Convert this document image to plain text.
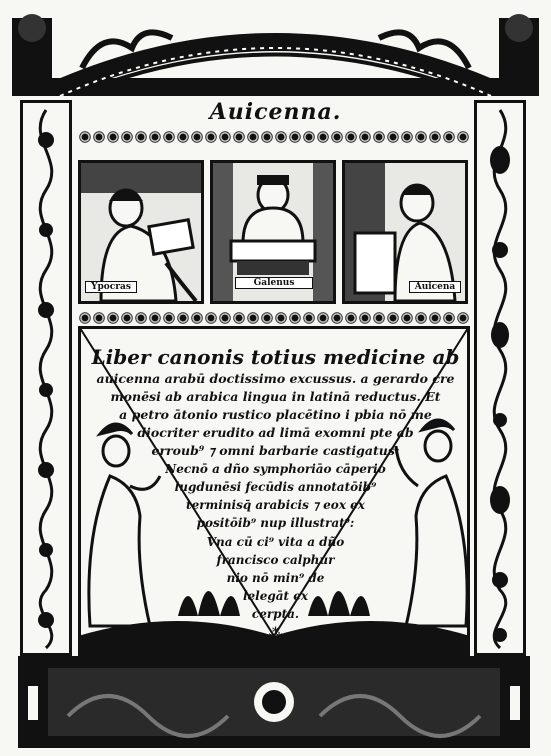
Auicenna.
Ypocras	Galenus	Auicena
Liber canonis totius medicine ab
auicenna arabū doctissimo excussus. a gerardo cre
monēsi ab arabica lingua in latinā reductus. Et
a petro ātonio rustico placētino i pbia nō me
diocriter erudito ad limā exomni pte ab
erroub⁹ ⁊ omni barbarie castigatus:
Necnō a dño symphoriāo cāperio
lugdunēsi fecūdis annotatōib⁹
terminisq̄ arabicis ⁊ eox ex
positōib⁹ nup illustrat⁹:
Vna cū ci⁹ vita a dño
francisco calphur
nio nō min⁹ de
lelegāt ex
cerpta.
⁂
